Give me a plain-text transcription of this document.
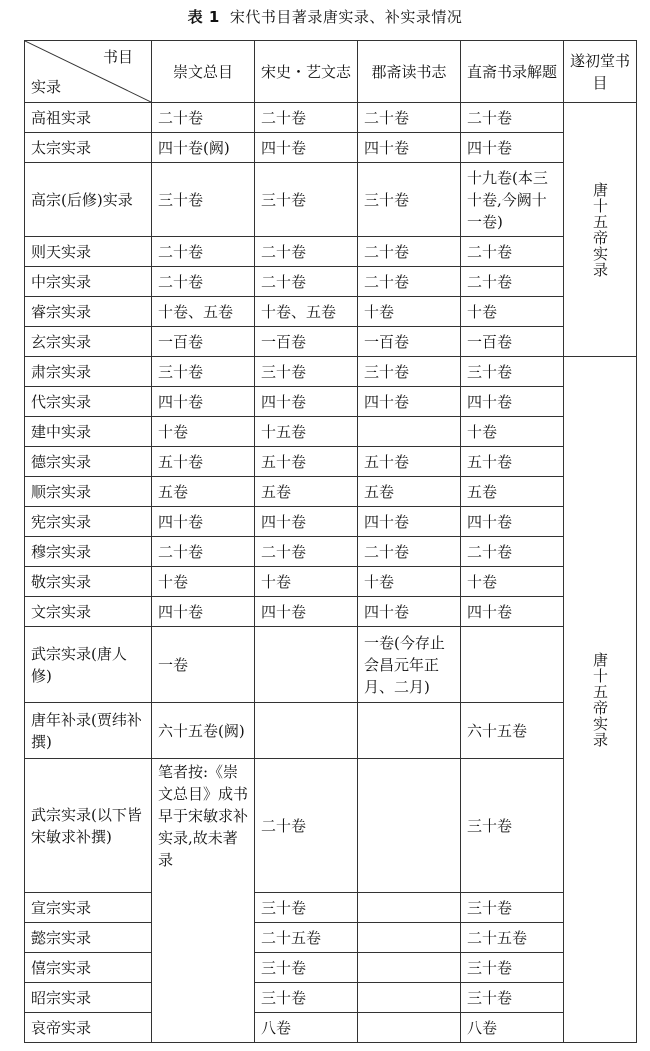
表 1 宋代书目著录唐实录、补实录情况
书目
实录	崇文总目	宋史・艺文志	郡斋读书志	直斋书录解题	遂初堂书目
高祖实录	二十卷	二十卷	二十卷	二十卷	唐十五帝实录

太宗实录	四十卷(阙)	四十卷	四十卷	四十卷	
高宗(后修)实录	三十卷	三十卷	三十卷	十九卷(本三十卷,今阙十一卷)	
则天实录	二十卷	二十卷	二十卷	二十卷	
中宗实录	二十卷	二十卷	二十卷	二十卷	
睿宗实录	十卷、五卷	十卷、五卷	十卷	十卷	
玄宗实录	一百卷	一百卷	一百卷	一百卷	
肃宗实录	三十卷	三十卷	三十卷	三十卷	唐十五帝实录

代宗实录	四十卷	四十卷	四十卷	四十卷	
建中实录	十卷	十五卷		十卷	
德宗实录	五十卷	五十卷	五十卷	五十卷	
顺宗实录	五卷	五卷	五卷	五卷	
宪宗实录	四十卷	四十卷	四十卷	四十卷	
穆宗实录	二十卷	二十卷	二十卷	二十卷	
敬宗实录	十卷	十卷	十卷	十卷	
文宗实录	四十卷	四十卷	四十卷	四十卷	
武宗实录(唐人修)	一卷		一卷(今存止会昌元年正月、二月)		
唐年补录(贾纬补撰)	六十五卷(阙)			六十五卷	
武宗实录(以下皆宋敏求补撰)	笔者按:《崇文总目》成书早于宋敏求补实录,故未著录	二十卷		三十卷	
宣宗实录		三十卷		三十卷	
懿宗实录		二十五卷		二十五卷	
僖宗实录		三十卷		三十卷	
昭宗实录		三十卷		三十卷	
哀帝实录		八卷		八卷	
